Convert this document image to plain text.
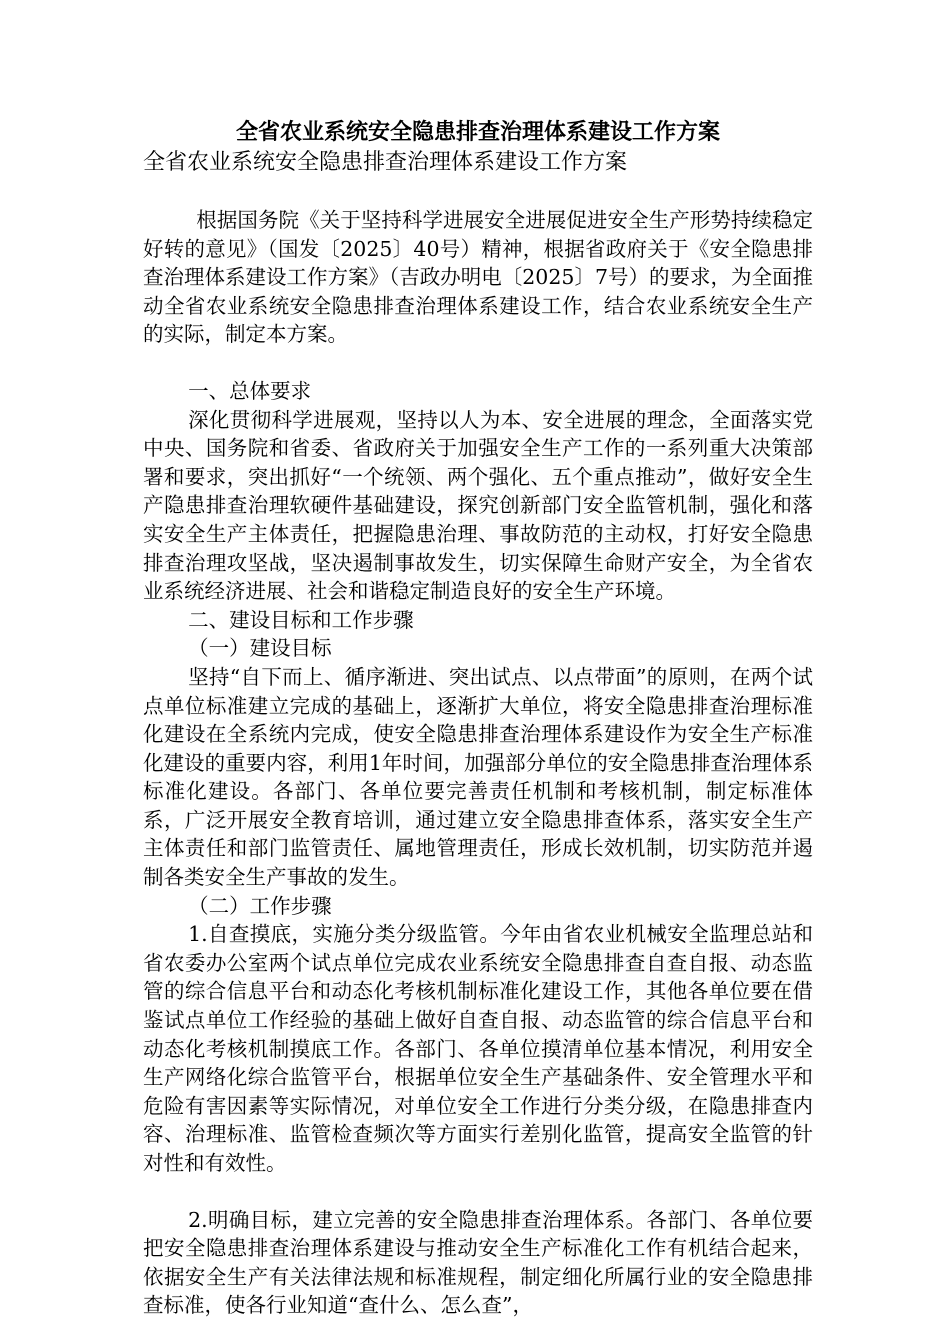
全省农业系统安全隐患排查治理体系建设工作方案
全省农业系统安全隐患排查治理体系建设工作方案

根据国务院《关于坚持科学进展安全进展促进安全生产形势持续稳定好转的意见》（国发〔2025〕40号）精神，根据省政府关于《安全隐患排查治理体系建设工作方案》（吉政办明电〔2025〕7号）的要求，为全面推动全省农业系统安全隐患排查治理体系建设工作，结合农业系统安全生产的实际，制定本方案。

一、总体要求

深化贯彻科学进展观，坚持以人为本、安全进展的理念，全面落实党中央、国务院和省委、省政府关于加强安全生产工作的一系列重大决策部署和要求，突出抓好“一个统领、两个强化、五个重点推动”，做好安全生产隐患排查治理软硬件基础建设，探究创新部门安全监管机制，强化和落实安全生产主体责任，把握隐患治理、事故防范的主动权，打好安全隐患排查治理攻坚战，坚决遏制事故发生，切实保障生命财产安全，为全省农业系统经济进展、社会和谐稳定制造良好的安全生产环境。

二、建设目标和工作步骤

（一）建设目标

坚持“自下而上、循序渐进、突出试点、以点带面”的原则，在两个试点单位标准建立完成的基础上，逐渐扩大单位，将安全隐患排查治理标准化建设在全系统内完成，使安全隐患排查治理体系建设作为安全生产标准化建设的重要内容，利用1年时间，加强部分单位的安全隐患排查治理体系标准化建设。各部门、各单位要完善责任机制和考核机制，制定标准体系，广泛开展安全教育培训，通过建立安全隐患排查体系，落实安全生产主体责任和部门监管责任、属地管理责任，形成长效机制，切实防范并遏制各类安全生产事故的发生。

（二）工作步骤

1.自查摸底，实施分类分级监管。今年由省农业机械安全监理总站和省农委办公室两个试点单位完成农业系统安全隐患排查自查自报、动态监管的综合信息平台和动态化考核机制标准化建设工作，其他各单位要在借鉴试点单位工作经验的基础上做好自查自报、动态监管的综合信息平台和动态化考核机制摸底工作。各部门、各单位摸清单位基本情况，利用安全生产网络化综合监管平台，根据单位安全生产基础条件、安全管理水平和危险有害因素等实际情况，对单位安全工作进行分类分级，在隐患排查内容、治理标准、监管检查频次等方面实行差别化监管，提高安全监管的针对性和有效性。

2.明确目标，建立完善的安全隐患排查治理体系。各部门、各单位要把安全隐患排查治理体系建设与推动安全生产标准化工作有机结合起来，依据安全生产有关法律法规和标准规程，制定细化所属行业的安全隐患排查标准，使各行业知道“查什么、怎么查”，
